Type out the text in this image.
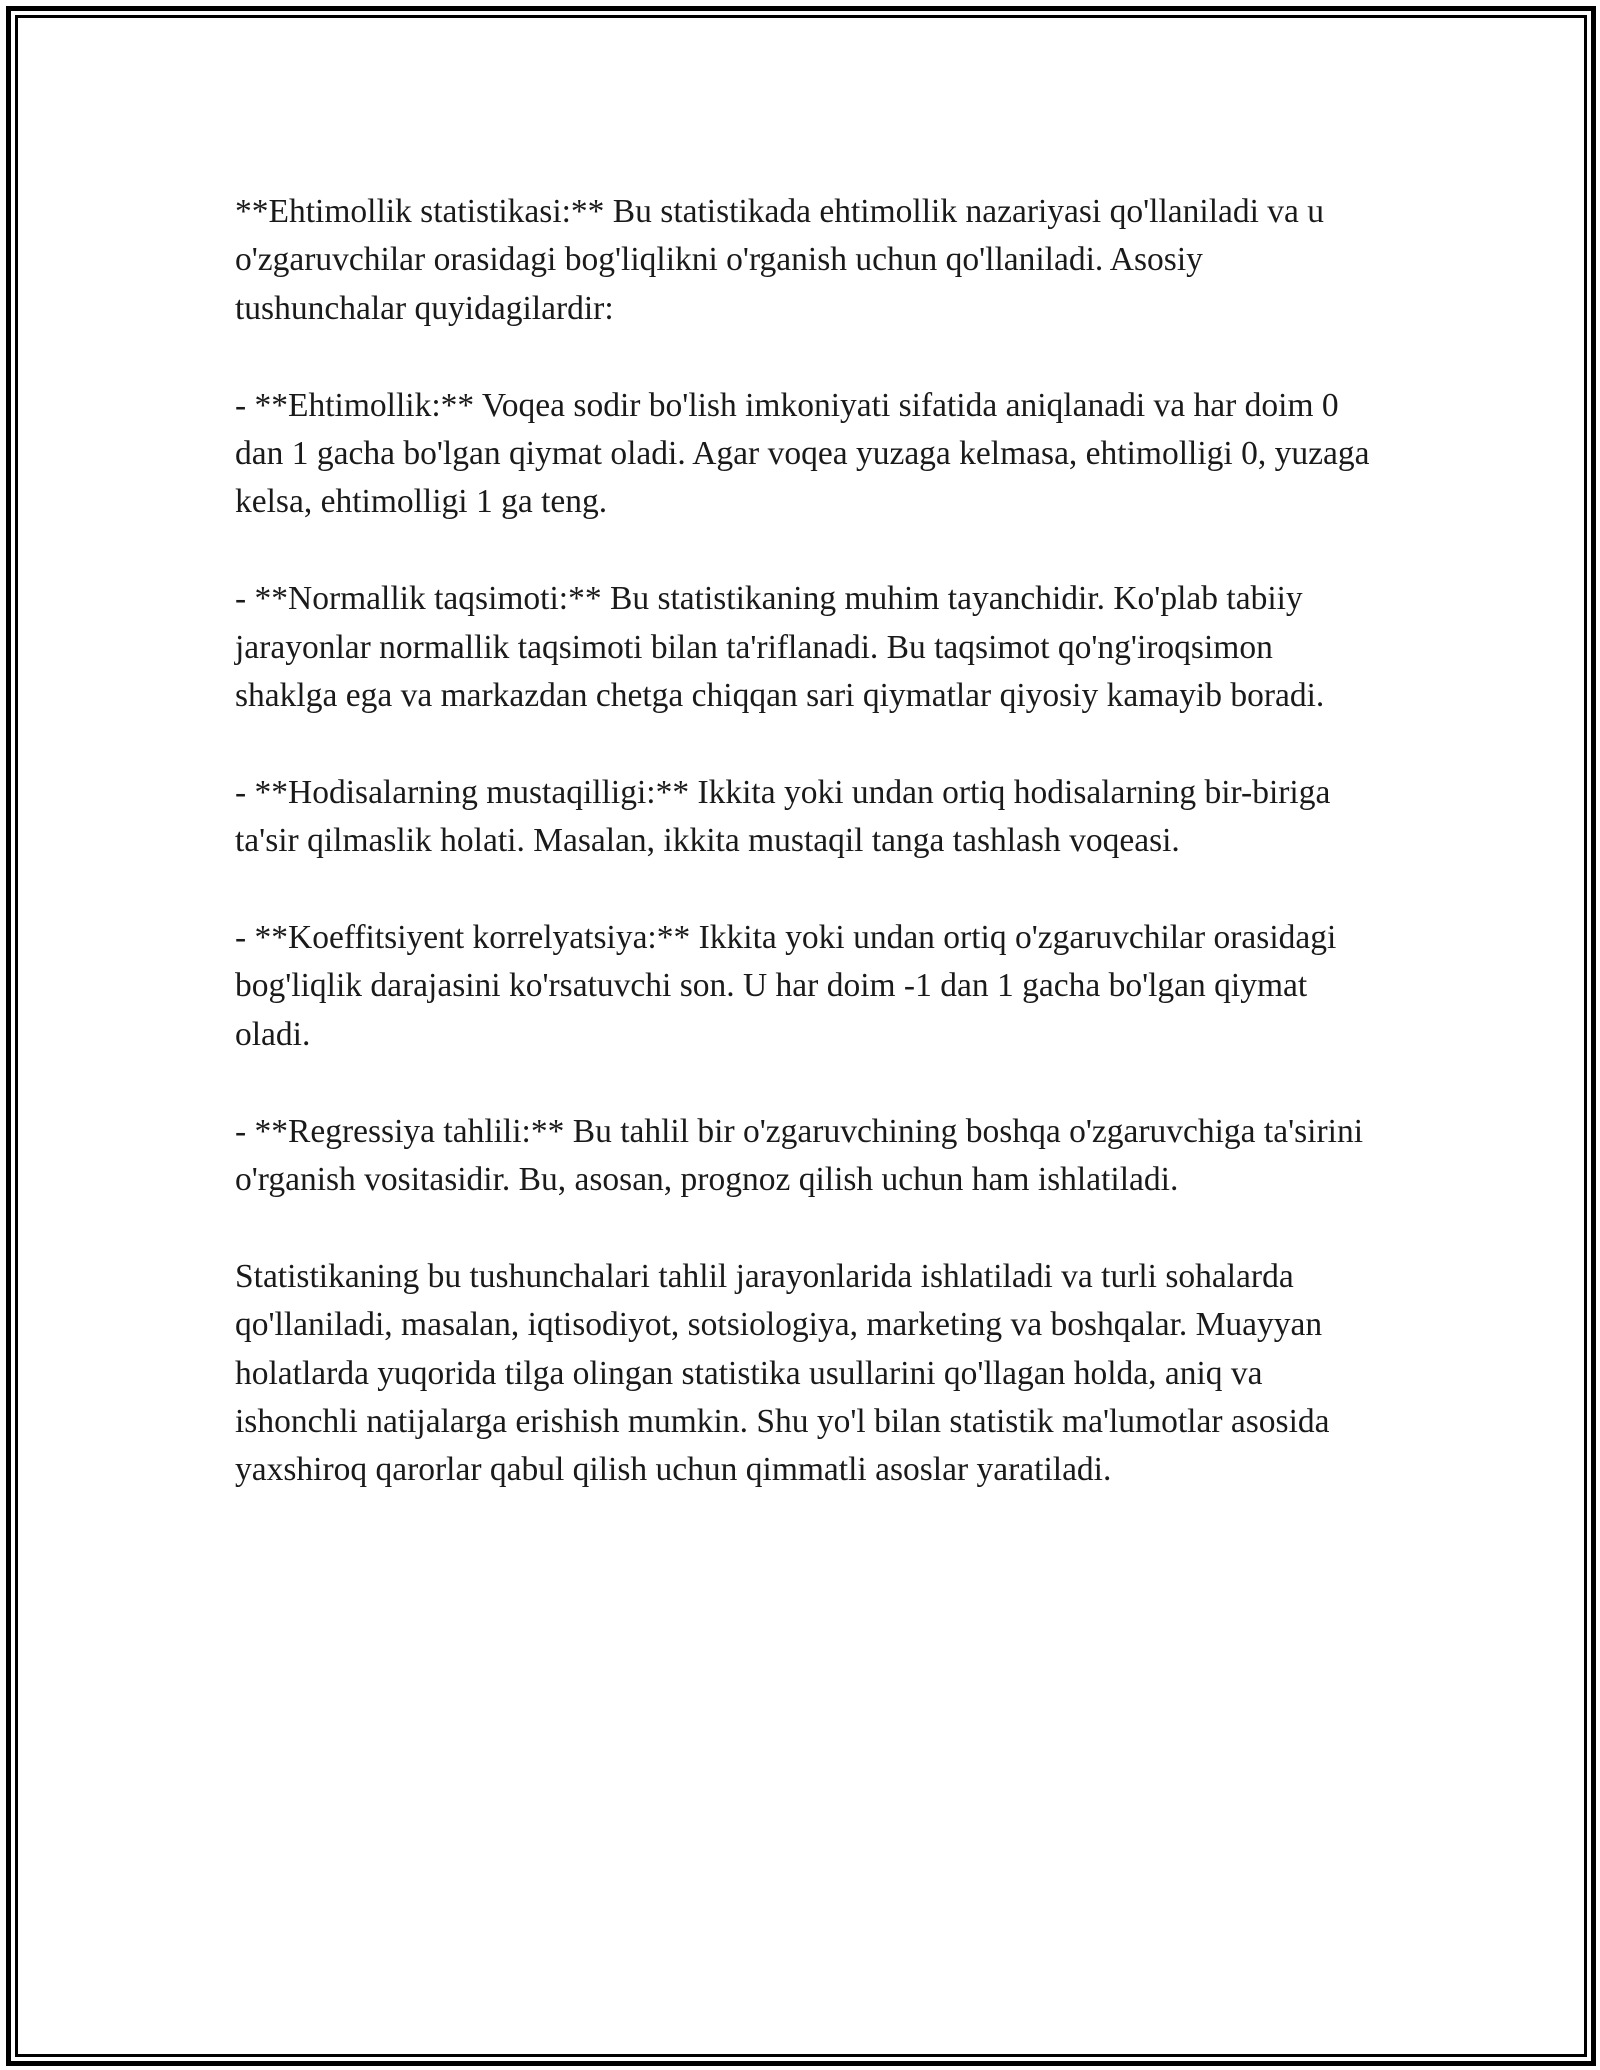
**Ehtimollik statistikasi:** Bu statistikada ehtimollik nazariyasi qo'llaniladi va u o'zgaruvchilar orasidagi bog'liqlikni o'rganish uchun qo'llaniladi. Asosiy tushunchalar quyidagilardir:

- **Ehtimollik:** Voqea sodir bo'lish imkoniyati sifatida aniqlanadi va har doim 0 dan 1 gacha bo'lgan qiymat oladi. Agar voqea yuzaga kelmasa, ehtimolligi 0, yuzaga kelsa, ehtimolligi 1 ga teng.

- **Normallik taqsimoti:** Bu statistikaning muhim tayanchidir. Ko'plab tabiiy jarayonlar normallik taqsimoti bilan ta'riflanadi. Bu taqsimot qo'ng'iroqsimon shaklga ega va markazdan chetga chiqqan sari qiymatlar qiyosiy kamayib boradi.

- **Hodisalarning mustaqilligi:** Ikkita yoki undan ortiq hodisalarning bir-biriga ta'sir qilmaslik holati. Masalan, ikkita mustaqil tanga tashlash voqeasi.

- **Koeffitsiyent korrelyatsiya:** Ikkita yoki undan ortiq o'zgaruvchilar orasidagi bog'liqlik darajasini ko'rsatuvchi son. U har doim -1 dan 1 gacha bo'lgan qiymat oladi.

- **Regressiya tahlili:** Bu tahlil bir o'zgaruvchining boshqa o'zgaruvchiga ta'sirini o'rganish vositasidir. Bu, asosan, prognoz qilish uchun ham ishlatiladi.

Statistikaning bu tushunchalari tahlil jarayonlarida ishlatiladi va turli sohalarda qo'llaniladi, masalan, iqtisodiyot, sotsiologiya, marketing va boshqalar. Muayyan holatlarda yuqorida tilga olingan statistika usullarini qo'llagan holda, aniq va ishonchli natijalarga erishish mumkin. Shu yo'l bilan statistik ma'lumotlar asosida yaxshiroq qarorlar qabul qilish uchun qimmatli asoslar yaratiladi.
